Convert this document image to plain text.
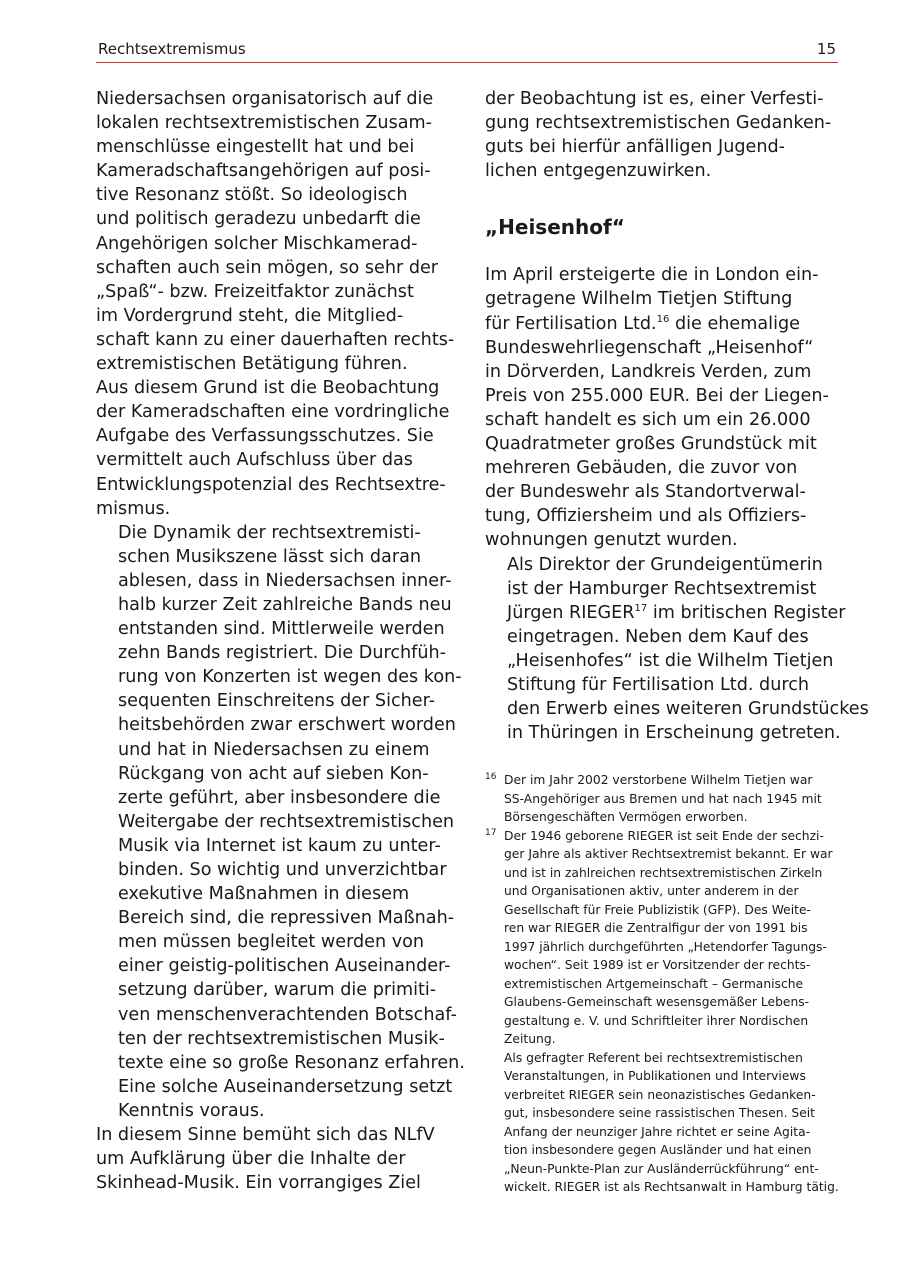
Rechtsextremismus	15
Niedersachsen organisatorisch auf die
lokalen rechtsextremistischen Zusam-
menschlüsse eingestellt hat und bei
Kameradschaftsangehörigen auf posi-
tive Resonanz stößt. So ideologisch
und politisch geradezu unbedarft die
Angehörigen solcher Mischkamerad-
schaften auch sein mögen, so sehr der
„Spaß“- bzw. Freizeitfaktor zunächst
im Vordergrund steht, die Mitglied-
schaft kann zu einer dauerhaften rechts-
extremistischen Betätigung führen.
Aus diesem Grund ist die Beobachtung
der Kameradschaften eine vordringliche
Aufgabe des Verfassungsschutzes. Sie
vermittelt auch Aufschluss über das
Entwicklungspotenzial des Rechtsextre-
mismus.
Die Dynamik der rechtsextremisti-
schen Musikszene lässt sich daran
ablesen, dass in Niedersachsen inner-
halb kurzer Zeit zahlreiche Bands neu
entstanden sind. Mittlerweile werden
zehn Bands registriert. Die Durchfüh-
rung von Konzerten ist wegen des kon-
sequenten Einschreitens der Sicher-
heitsbehörden zwar erschwert worden
und hat in Niedersachsen zu einem
Rückgang von acht auf sieben Kon-
zerte geführt, aber insbesondere die
Weitergabe der rechtsextremistischen
Musik via Internet ist kaum zu unter-
binden. So wichtig und unverzichtbar
exekutive Maßnahmen in diesem
Bereich sind, die repressiven Maßnah-
men müssen begleitet werden von
einer geistig-politischen Auseinander-
setzung darüber, warum die primiti-
ven menschenverachtenden Botschaf-
ten der rechtsextremistischen Musik-
texte eine so große Resonanz erfahren.
Eine solche Auseinandersetzung setzt
Kenntnis voraus.
In diesem Sinne bemüht sich das NLfV
um Aufklärung über die Inhalte der
Skinhead-Musik. Ein vorrangiges Ziel
der Beobachtung ist es, einer Verfesti-
gung rechtsextremistischen Gedanken-
guts bei hierfür anfälligen Jugend-
lichen entgegenzuwirken.
„Heisenhof“
Im April ersteigerte die in London ein-
getragene Wilhelm Tietjen Stiftung
für Fertilisation Ltd.$^{16}$ die ehemalige
Bundeswehrliegenschaft „Heisenhof“
in Dörverden, Landkreis Verden, zum
Preis von 255.000 EUR. Bei der Liegen-
schaft handelt es sich um ein 26.000
Quadratmeter großes Grundstück mit
mehreren Gebäuden, die zuvor von
der Bundeswehr als Standortverwal-
tung, Offiziersheim und als Offiziers-
wohnungen genutzt wurden.
Als Direktor der Grundeigentümerin
ist der Hamburger Rechtsextremist
Jürgen RIEGER$^{17}$ im britischen Register
eingetragen. Neben dem Kauf des
„Heisenhofes“ ist die Wilhelm Tietjen
Stiftung für Fertilisation Ltd. durch
den Erwerb eines weiteren Grundstückes
in Thüringen in Erscheinung getreten.
16 Der im Jahr 2002 verstorbene Wilhelm Tietjen war
SS-Angehöriger aus Bremen und hat nach 1945 mit
Börsengeschäften Vermögen erworben.
17 Der 1946 geborene RIEGER ist seit Ende der sechzi-
ger Jahre als aktiver Rechtsextremist bekannt. Er war
und ist in zahlreichen rechtsextremistischen Zirkeln
und Organisationen aktiv, unter anderem in der
Gesellschaft für Freie Publizistik (GFP). Des Weite-
ren war RIEGER die Zentralfigur der von 1991 bis
1997 jährlich durchgeführten „Hetendorfer Tagungs-
wochen“. Seit 1989 ist er Vorsitzender der rechts-
extremistischen Artgemeinschaft – Germanische
Glaubens-Gemeinschaft wesensgemäßer Lebens-
gestaltung e. V. und Schriftleiter ihrer Nordischen
Zeitung.
Als gefragter Referent bei rechtsextremistischen
Veranstaltungen, in Publikationen und Interviews
verbreitet RIEGER sein neonazistisches Gedanken-
gut, insbesondere seine rassistischen Thesen. Seit
Anfang der neunziger Jahre richtet er seine Agita-
tion insbesondere gegen Ausländer und hat einen
„Neun-Punkte-Plan zur Ausländerrückführung“ ent-
wickelt. RIEGER ist als Rechtsanwalt in Hamburg tätig.
